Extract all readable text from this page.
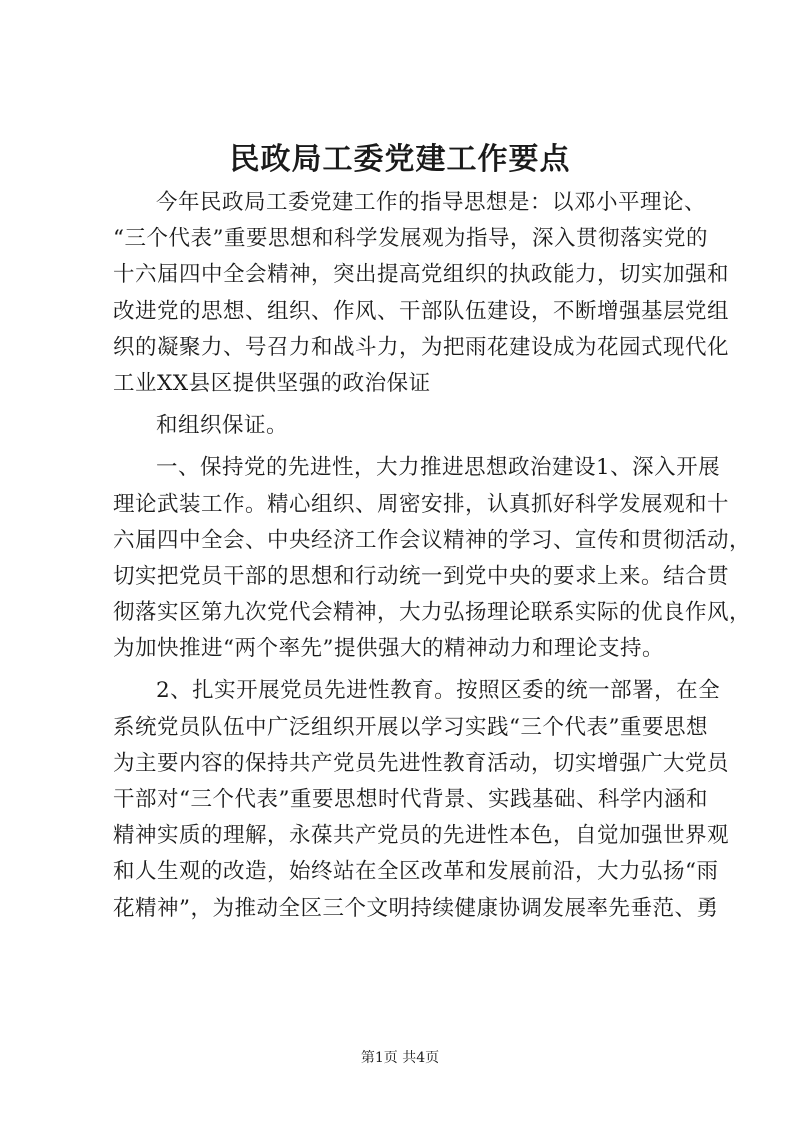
民政局工委党建工作要点
今年民政局工委党建工作的指导思想是：以邓小平理论、
“三个代表”重要思想和科学发展观为指导，深入贯彻落实党的
十六届四中全会精神，突出提高党组织的执政能力，切实加强和
改进党的思想、组织、作风、干部队伍建设，不断增强基层党组
织的凝聚力、号召力和战斗力，为把雨花建设成为花园式现代化
工业XX县区提供坚强的政治保证
和组织保证。
一、保持党的先进性，大力推进思想政治建设1、深入开展
理论武装工作。精心组织、周密安排，认真抓好科学发展观和十
六届四中全会、中央经济工作会议精神的学习、宣传和贯彻活动，
切实把党员干部的思想和行动统一到党中央的要求上来。结合贯
彻落实区第九次党代会精神，大力弘扬理论联系实际的优良作风，
为加快推进“两个率先”提供强大的精神动力和理论支持。
2、扎实开展党员先进性教育。按照区委的统一部署，在全
系统党员队伍中广泛组织开展以学习实践“三个代表”重要思想
为主要内容的保持共产党员先进性教育活动，切实增强广大党员
干部对“三个代表”重要思想时代背景、实践基础、科学内涵和
精神实质的理解，永葆共产党员的先进性本色，自觉加强世界观
和人生观的改造，始终站在全区改革和发展前沿，大力弘扬“雨
花精神”，为推动全区三个文明持续健康协调发展率先垂范、勇
第1页 共4页
